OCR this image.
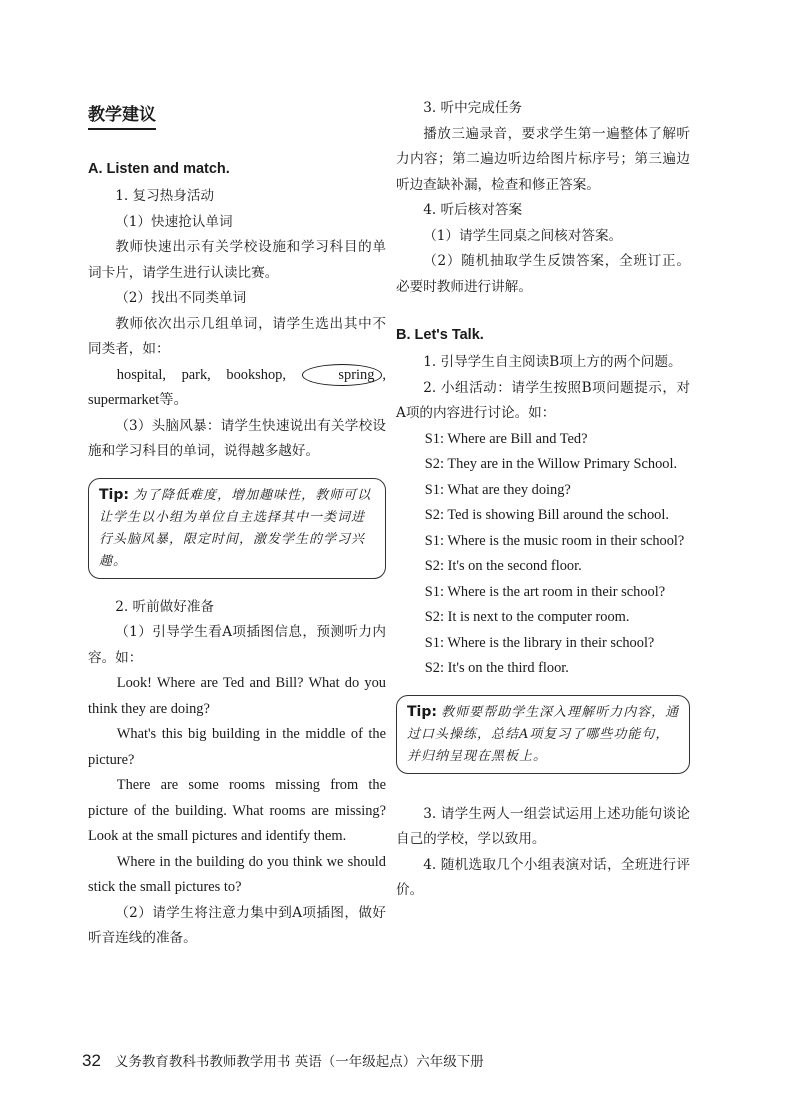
教学建议
A. Listen and match.

1. 复习热身活动

（1）快速抢认单词

教师快速出示有关学校设施和学习科目的单词卡片，请学生进行认读比赛。

（2）找出不同类单词

教师依次出示几组单词，请学生选出其中不同类者，如：

hospital, park, bookshop,	spring , supermarket等。

（3）头脑风暴：请学生快速说出有关学校设施和学习科目的单词，说得越多越好。

Tip: 为了降低难度，增加趣味性，教师可以让学生以小组为单位自主选择其中一类词进行头脑风暴，限定时间，激发学生的学习兴趣。

2. 听前做好准备

（1）引导学生看A项插图信息，预测听力内容。如：

Look! Where are Ted and Bill? What do you think they are doing?

What's this big building in the middle of the picture?

There are some rooms missing from the picture of the building. What rooms are missing? Look at the small pictures and identify them.

Where in the building do you think we should stick the small pictures to?

（2）请学生将注意力集中到A项插图，做好听音连线的准备。

3. 听中完成任务

播放三遍录音，要求学生第一遍整体了解听力内容；第二遍边听边给图片标序号；第三遍边听边查缺补漏，检查和修正答案。

4. 听后核对答案

（1）请学生同桌之间核对答案。

（2）随机抽取学生反馈答案，全班订正。必要时教师进行讲解。

B. Let's Talk.

1. 引导学生自主阅读B项上方的两个问题。

2. 小组活动：请学生按照B项问题提示，对A项的内容进行讨论。如：

S1: Where are Bill and Ted?

S2: They are in the Willow Primary School.

S1: What are they doing?

S2: Ted is showing Bill around the school.

S1: Where is the music room in their school?

S2: It's on the second floor.

S1: Where is the art room in their school?

S2: It is next to the computer room.

S1: Where is the library in their school?

S2: It's on the third floor.

Tip: 教师要帮助学生深入理解听力内容，通过口头操练，总结A项复习了哪些功能句，并归纳呈现在黑板上。

3. 请学生两人一组尝试运用上述功能句谈论自己的学校，学以致用。

4. 随机选取几个小组表演对话，全班进行评价。

32 义务教育教科书教师教学用书 英语（一年级起点）六年级下册
